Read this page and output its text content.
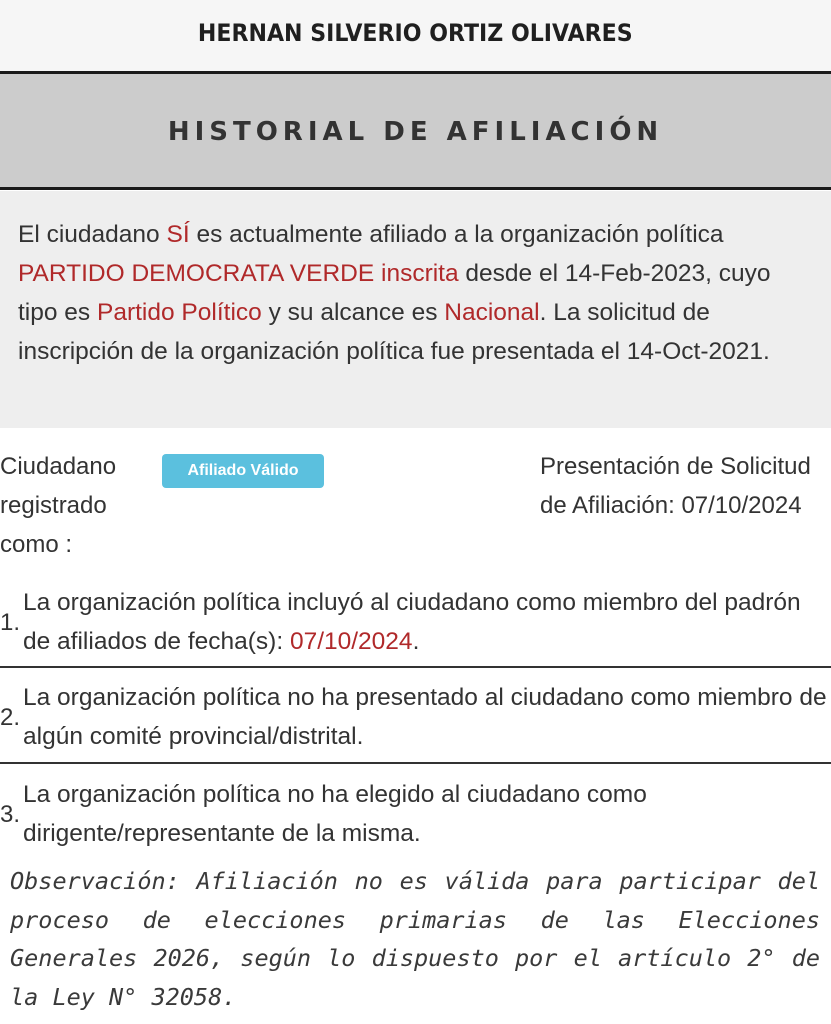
HERNAN SILVERIO ORTIZ OLIVARES
HISTORIAL DE AFILIACIÓN
El ciudadano SÍ es actualmente afiliado a la organización política PARTIDO DEMOCRATA VERDE inscrita desde el 14-Feb-2023, cuyo tipo es Partido Político y su alcance es Nacional. La solicitud de inscripción de la organización política fue presentada el 14-Oct-2021.
Ciudadano registrado como :
Afiliado Válido	Presentación de Solicitud de Afiliación: 07/10/2024
1.
La organización política incluyó al ciudadano como miembro del padrón de afiliados de fecha(s): 07/10/2024.
2.
La organización política no ha presentado al ciudadano como miembro de algún comité provincial/distrital.
3.
La organización política no ha elegido al ciudadano como dirigente/representante de la misma.
Observación: Afiliación no es válida para participar del proceso de elecciones primarias de las Elecciones Generales 2026, según lo dispuesto por el artículo 2° de la Ley N° 32058.
